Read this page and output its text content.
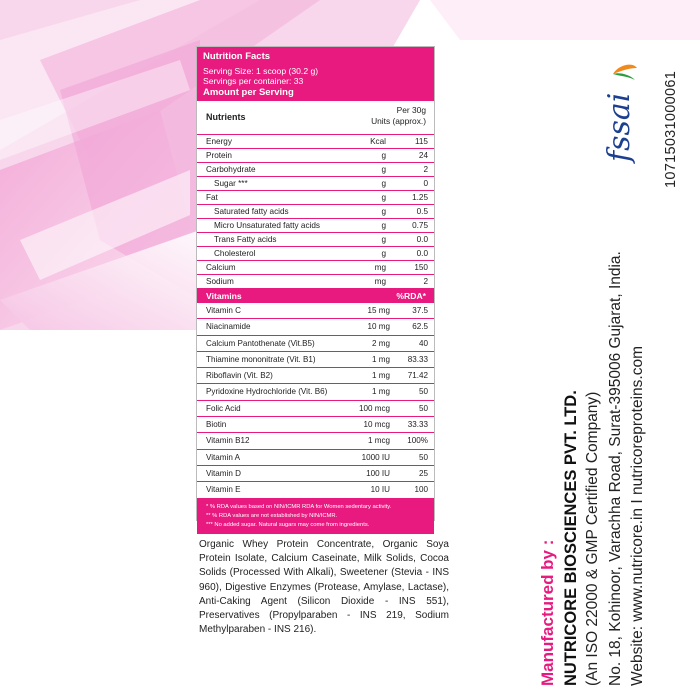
Nutrition Facts
Serving Size: 1 scoop (30.2 g)
Servings per container: 33
Amount per Serving
Nutrients
Per 30g
Units (approx.)
Energy	Kcal	115
Protein	g	24
Carbohydrate	g	2
Sugar ***	g	0
Fat	g	1.25
Saturated fatty acids	g	0.5
Micro Unsaturated fatty acids	g	0.75
Trans Fatty acids	g	0.0
Cholesterol	g	0.0
Calcium	mg	150
Sodium	mg	2
Vitamins	%RDA*
Vitamin C	15 mg	37.5
Niacinamide	10 mg	62.5
Calcium Pantothenate (Vit.B5)	2 mg	40
Thiamine mononitrate (Vit. B1)	1 mg	83.33
Riboflavin (Vit. B2)	1 mg	71.42
Pyridoxine Hydrochloride (Vit. B6)	1 mg	50
Folic Acid	100 mcg	50
Biotin	10 mcg	33.33
Vitamin B12	1 mcg	100%
Vitamin A	1000 IU	50
Vitamin D	100 IU	25
Vitamin E	10 IU	100
* % RDA values based on NIN/ICMR RDA for Women sedentary activity.
** % RDA values are not established by NIN/ICMR.
*** No added sugar. Natural sugars may come from ingredients.
INGREDIENTS
Organic Whey Protein Concentrate, Organic Soya Protein Isolate, Calcium Caseinate, Milk Solids, Cocoa Solids (Processed With Alkali), Sweetener (Stevia - INS 960), Digestive Enzymes (Protease, Amylase, Lactase), Anti-Caking Agent (Silicon Dioxide - INS 551), Preservatives (Propylparaben - INS 219, Sodium Methylparaben - INS 216).
fssai 10715031000061
Manufactured by : NUTRICORE BIOSCIENCES PVT. LTD. (An ISO 22000 & GMP Certified Company) No. 18, Kohinoor, Varachha Road, Surat-395006 Gujarat, India. Website: www.nutricore.in I nutricoreproteins.com
